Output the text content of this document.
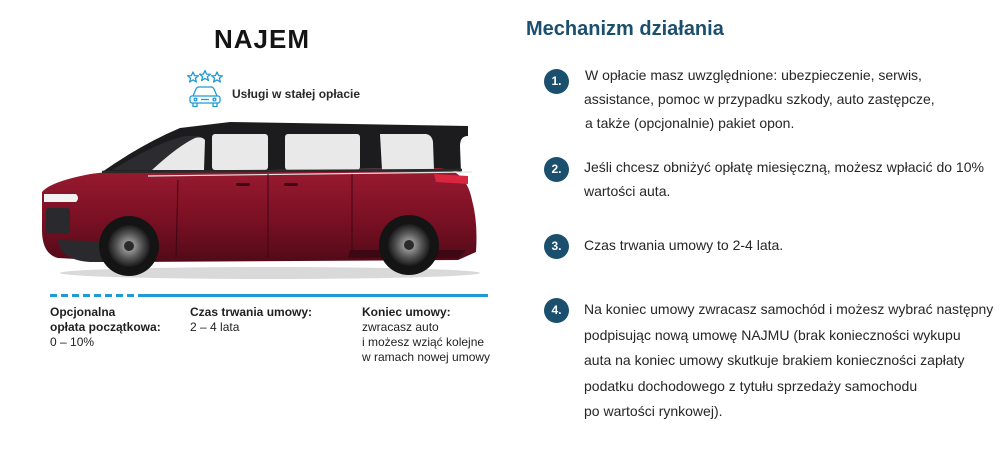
NAJEM
Usługi w stałej opłacie
Opcjonalna
opłata początkowa:
0 – 10%
Czas trwania umowy:
2 – 4 lata
Koniec umowy:
zwracasz auto
i możesz wziąć kolejne
w ramach nowej umowy
Mechanizm działania
1.	W opłacie masz uwzględnione: ubezpieczenie, serwis,
assistance, pomoc w przypadku szkody, auto zastępcze,
a także (opcjonalnie) pakiet opon.

2.	Jeśli chcesz obniżyć opłatę miesięczną, możesz wpłacić do 10%
wartości auta.

3.	Czas trwania umowy to 2-4 lata.

4.	Na koniec umowy zwracasz samochód i możesz wybrać następny
podpisując nową umowę NAJMU (brak konieczności wykupu
auta na koniec umowy skutkuje brakiem konieczności zapłaty
podatku dochodowego z tytułu sprzedaży samochodu
po wartości rynkowej).
